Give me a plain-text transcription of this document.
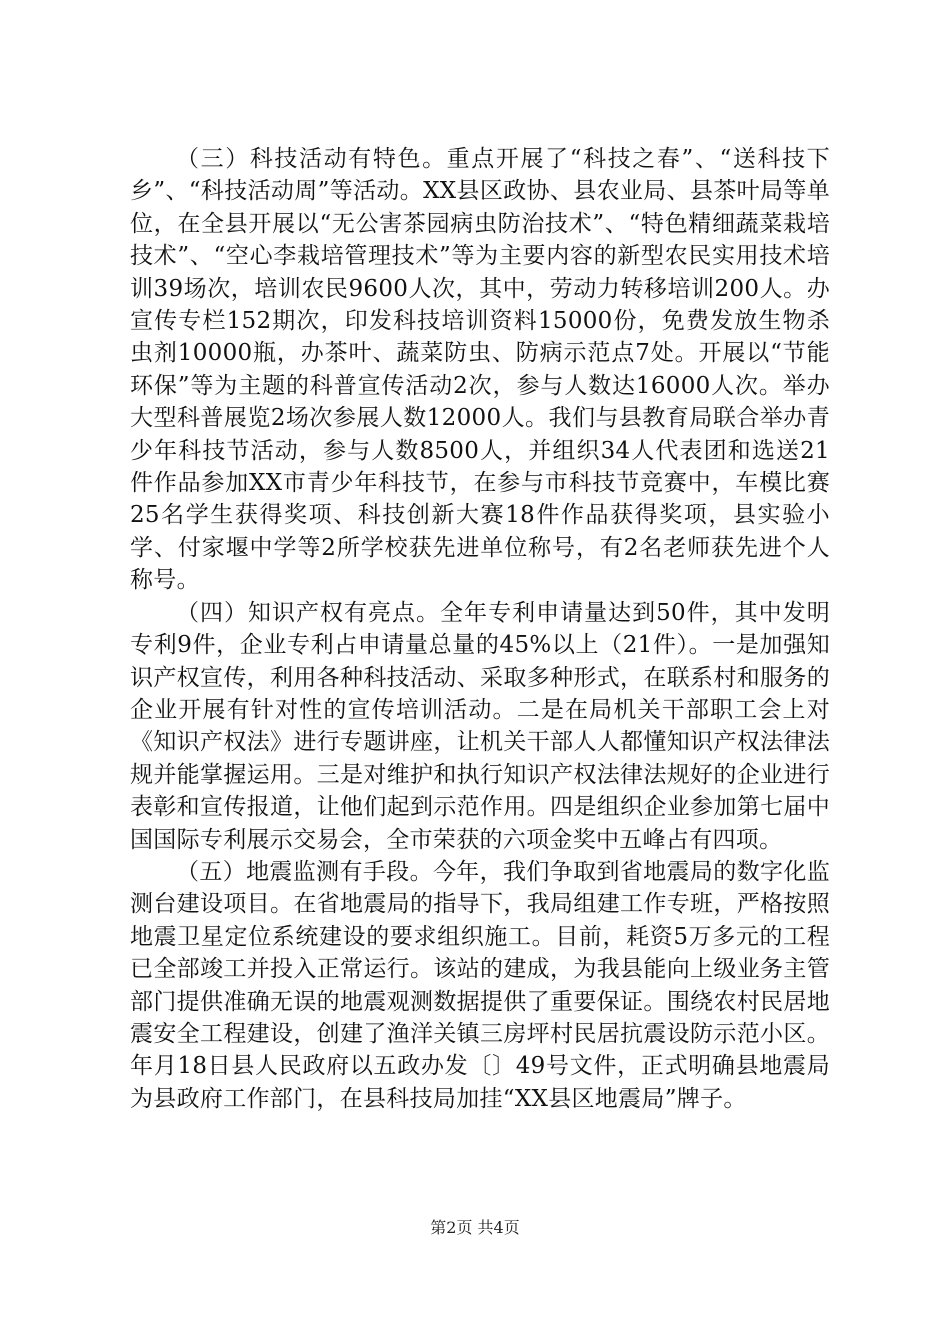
（三）科技活动有特色。重点开展了“科技之春”、“送科技下乡”、“科技活动周”等活动。XX县区政协、县农业局、县茶叶局等单位，在全县开展以“无公害茶园病虫防治技术”、“特色精细蔬菜栽培技术”、“空心李栽培管理技术”等为主要内容的新型农民实用技术培训39场次，培训农民9600人次，其中，劳动力转移培训200人。办宣传专栏152期次，印发科技培训资料15000份，免费发放生物杀虫剂10000瓶，办茶叶、蔬菜防虫、防病示范点7处。开展以“节能环保”等为主题的科普宣传活动2次，参与人数达16000人次。举办大型科普展览2场次参展人数12000人。我们与县教育局联合举办青少年科技节活动，参与人数8500人，并组织34人代表团和选送21件作品参加XX市青少年科技节，在参与市科技节竞赛中，车模比赛25名学生获得奖项、科技创新大赛18件作品获得奖项，县实验小学、付家堰中学等2所学校获先进单位称号，有2名老师获先进个人称号。

（四）知识产权有亮点。全年专利申请量达到50件，其中发明专利9件，企业专利占申请量总量的45%以上（21件）。一是加强知识产权宣传，利用各种科技活动、采取多种形式，在联系村和服务的企业开展有针对性的宣传培训活动。二是在局机关干部职工会上对《知识产权法》进行专题讲座，让机关干部人人都懂知识产权法律法规并能掌握运用。三是对维护和执行知识产权法律法规好的企业进行表彰和宣传报道，让他们起到示范作用。四是组织企业参加第七届中国国际专利展示交易会，全市荣获的六项金奖中五峰占有四项。

（五）地震监测有手段。今年，我们争取到省地震局的数字化监测台建设项目。在省地震局的指导下，我局组建工作专班，严格按照地震卫星定位系统建设的要求组织施工。目前，耗资5万多元的工程已全部竣工并投入正常运行。该站的建成，为我县能向上级业务主管部门提供准确无误的地震观测数据提供了重要保证。围绕农村民居地震安全工程建设，创建了渔洋关镇三房坪村民居抗震设防示范小区。年月18日县人民政府以五政办发〔〕49号文件，正式明确县地震局为县政府工作部门，在县科技局加挂“XX县区地震局”牌子。

第2页 共4页
